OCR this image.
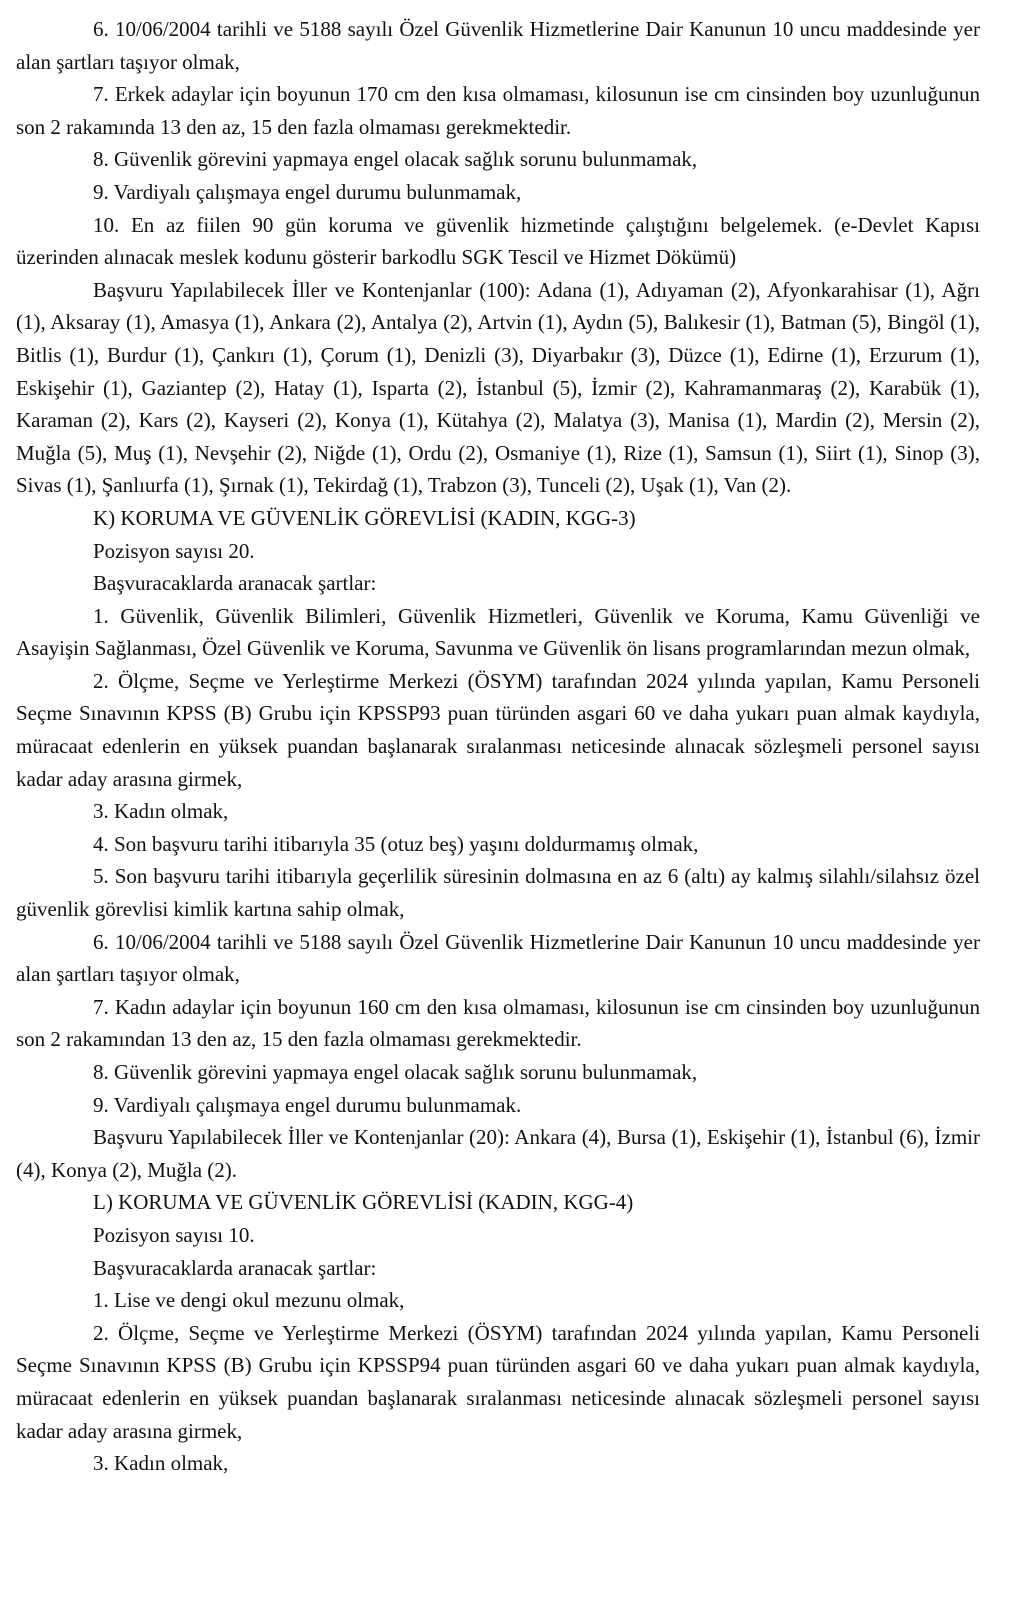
6. 10/06/2004 tarihli ve 5188 sayılı Özel Güvenlik Hizmetlerine Dair Kanunun 10 uncu maddesinde yer alan şartları taşıyor olmak,

7. Erkek adaylar için boyunun 170 cm den kısa olmaması, kilosunun ise cm cinsinden boy uzunluğunun son 2 rakamında 13 den az, 15 den fazla olmaması gerekmektedir.

8. Güvenlik görevini yapmaya engel olacak sağlık sorunu bulunmamak,

9. Vardiyalı çalışmaya engel durumu bulunmamak,

10. En az fiilen 90 gün koruma ve güvenlik hizmetinde çalıştığını belgelemek. (e-Devlet Kapısı üzerinden alınacak meslek kodunu gösterir barkodlu SGK Tescil ve Hizmet Dökümü)

Başvuru Yapılabilecek İller ve Kontenjanlar (100): Adana (1), Adıyaman (2), Afyonkarahisar (1), Ağrı (1), Aksaray (1), Amasya (1), Ankara (2), Antalya (2), Artvin (1), Aydın (5), Balıkesir (1), Batman (5), Bingöl (1), Bitlis (1), Burdur (1), Çankırı (1), Çorum (1), Denizli (3), Diyarbakır (3), Düzce (1), Edirne (1), Erzurum (1), Eskişehir (1), Gaziantep (2), Hatay (1), Isparta (2), İstanbul (5), İzmir (2), Kahramanmaraş (2), Karabük (1), Karaman (2), Kars (2), Kayseri (2), Konya (1), Kütahya (2), Malatya (3), Manisa (1), Mardin (2), Mersin (2), Muğla (5), Muş (1), Nevşehir (2), Niğde (1), Ordu (2), Osmaniye (1), Rize (1), Samsun (1), Siirt (1), Sinop (3), Sivas (1), Şanlıurfa (1), Şırnak (1), Tekirdağ (1), Trabzon (3), Tunceli (2), Uşak (1), Van (2).

K) KORUMA VE GÜVENLİK GÖREVLİSİ (KADIN, KGG-3)

Pozisyon sayısı 20.

Başvuracaklarda aranacak şartlar:

1. Güvenlik, Güvenlik Bilimleri, Güvenlik Hizmetleri, Güvenlik ve Koruma, Kamu Güvenliği ve Asayişin Sağlanması, Özel Güvenlik ve Koruma, Savunma ve Güvenlik ön lisans programlarından mezun olmak,

2. Ölçme, Seçme ve Yerleştirme Merkezi (ÖSYM) tarafından 2024 yılında yapılan, Kamu Personeli Seçme Sınavının KPSS (B) Grubu için KPSSP93 puan türünden asgari 60 ve daha yukarı puan almak kaydıyla, müracaat edenlerin en yüksek puandan başlanarak sıralanması neticesinde alınacak sözleşmeli personel sayısı kadar aday arasına girmek,

3. Kadın olmak,

4. Son başvuru tarihi itibarıyla 35 (otuz beş) yaşını doldurmamış olmak,

5. Son başvuru tarihi itibarıyla geçerlilik süresinin dolmasına en az 6 (altı) ay kalmış silahlı/silahsız özel güvenlik görevlisi kimlik kartına sahip olmak,

6. 10/06/2004 tarihli ve 5188 sayılı Özel Güvenlik Hizmetlerine Dair Kanunun 10 uncu maddesinde yer alan şartları taşıyor olmak,

7. Kadın adaylar için boyunun 160 cm den kısa olmaması, kilosunun ise cm cinsinden boy uzunluğunun son 2 rakamından 13 den az, 15 den fazla olmaması gerekmektedir.

8. Güvenlik görevini yapmaya engel olacak sağlık sorunu bulunmamak,

9. Vardiyalı çalışmaya engel durumu bulunmamak.

Başvuru Yapılabilecek İller ve Kontenjanlar (20): Ankara (4), Bursa (1), Eskişehir (1), İstanbul (6), İzmir (4), Konya (2), Muğla (2).

L) KORUMA VE GÜVENLİK GÖREVLİSİ (KADIN, KGG-4)

Pozisyon sayısı 10.

Başvuracaklarda aranacak şartlar:

1. Lise ve dengi okul mezunu olmak,

2. Ölçme, Seçme ve Yerleştirme Merkezi (ÖSYM) tarafından 2024 yılında yapılan, Kamu Personeli Seçme Sınavının KPSS (B) Grubu için KPSSP94 puan türünden asgari 60 ve daha yukarı puan almak kaydıyla, müracaat edenlerin en yüksek puandan başlanarak sıralanması neticesinde alınacak sözleşmeli personel sayısı kadar aday arasına girmek,

3. Kadın olmak,
